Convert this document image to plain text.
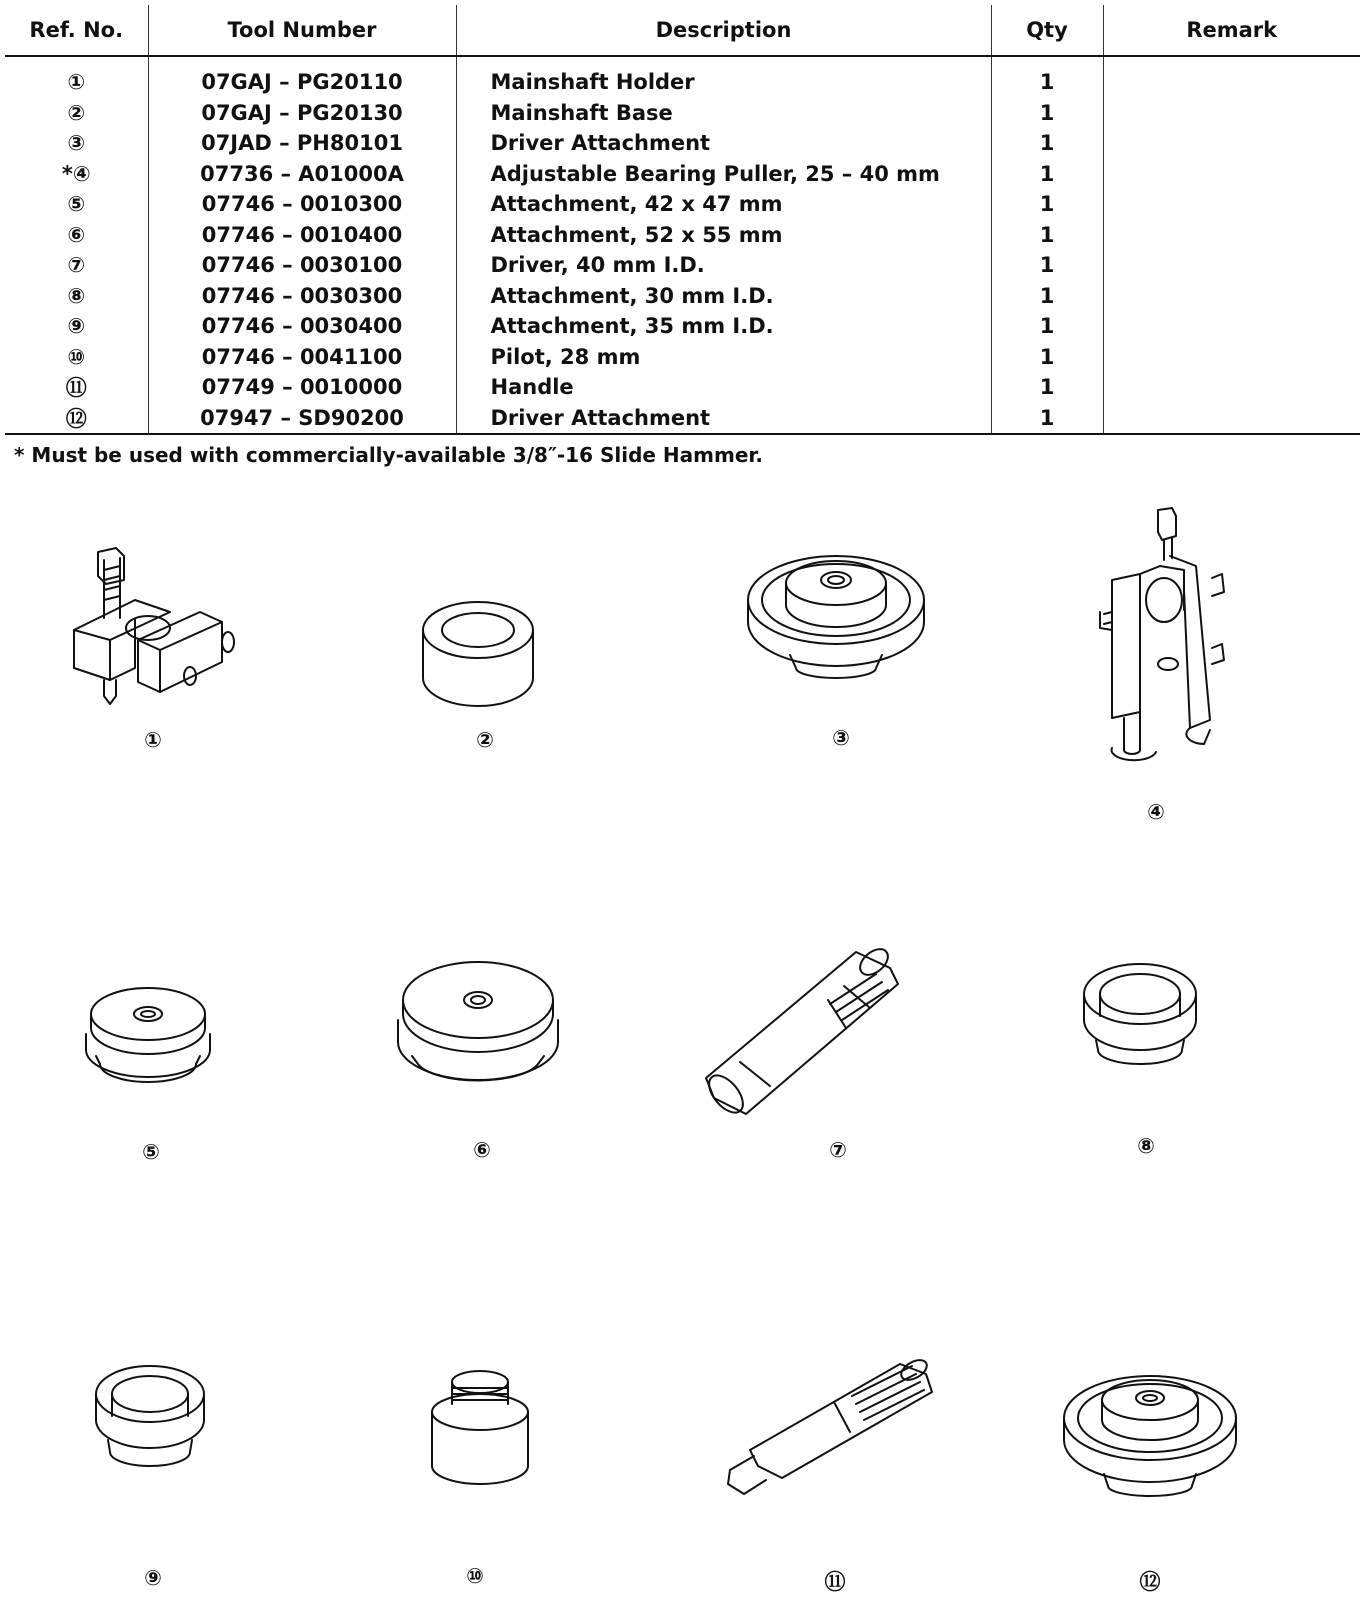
Ref. No.	Tool Number	Description	Qty	Remark
①	07GAJ – PG20110	Mainshaft Holder	1	
②	07GAJ – PG20130	Mainshaft Base	1	
③	07JAD – PH80101	Driver Attachment	1	
*④	07736 – A01000A	Adjustable Bearing Puller, 25 – 40 mm	1	
⑤	07746 – 0010300	Attachment, 42 x 47 mm	1	
⑥	07746 – 0010400	Attachment, 52 x 55 mm	1	
⑦	07746 – 0030100	Driver, 40 mm I.D.	1	
⑧	07746 – 0030300	Attachment, 30 mm I.D.	1	
⑨	07746 – 0030400	Attachment, 35 mm I.D.	1	
⑩	07746 – 0041100	Pilot, 28 mm	1	
⑪	07749 – 0010000	Handle	1	
⑫	07947 – SD90200	Driver Attachment	1	
* Must be used with commercially-available 3/8″-16 Slide Hammer.
①	②	③
④
⑤	⑥	⑦	⑧
⑨	⑩	⑪	⑫
